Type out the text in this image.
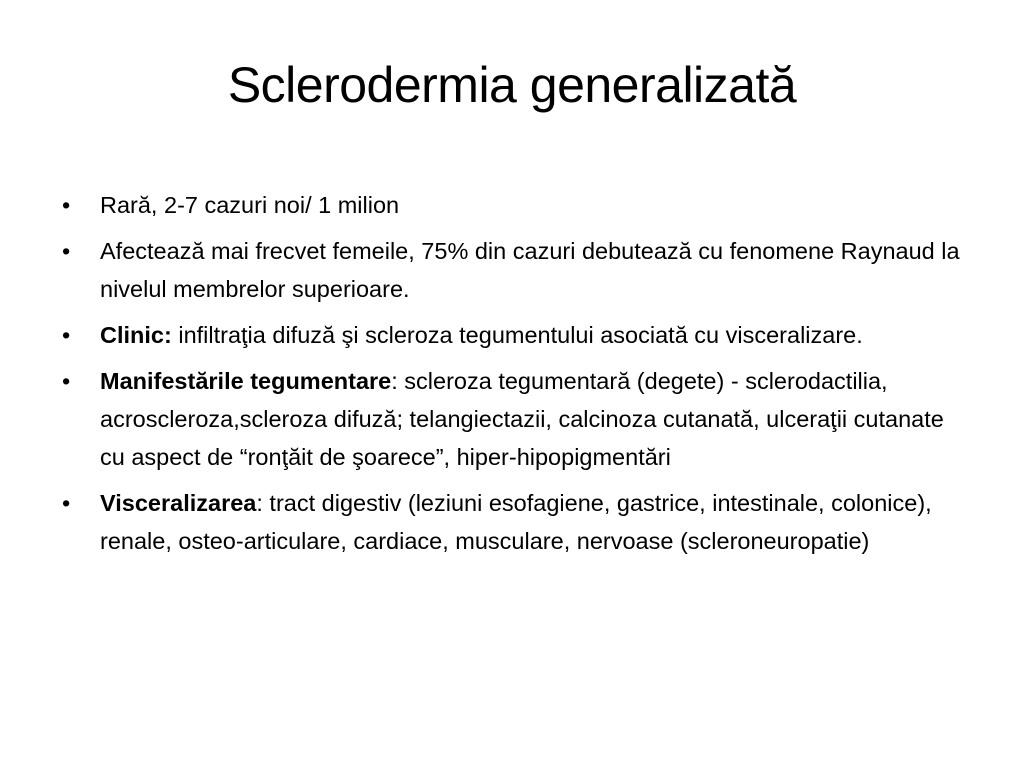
Sclerodermia generalizată
•	Rară, 2-7 cazuri noi/ 1 milion
•	Afectează mai frecvet femeile, 75% din cazuri debutează cu fenomene Raynaud la nivelul membrelor superioare.
•	Clinic: infiltraţia difuză şi scleroza tegumentului asociată cu visceralizare.
•	Manifestările tegumentare: scleroza tegumentară (degete) - sclerodactilia, acroscleroza,scleroza difuză; telangiectazii, calcinoza cutanată, ulceraţii cutanate cu aspect de “ronţăit de şoarece”, hiper-hipopigmentări
•	Visceralizarea: tract digestiv (leziuni esofagiene, gastrice, intestinale, colonice), renale, osteo-articulare, cardiace, musculare, nervoase (scleroneuropatie)
